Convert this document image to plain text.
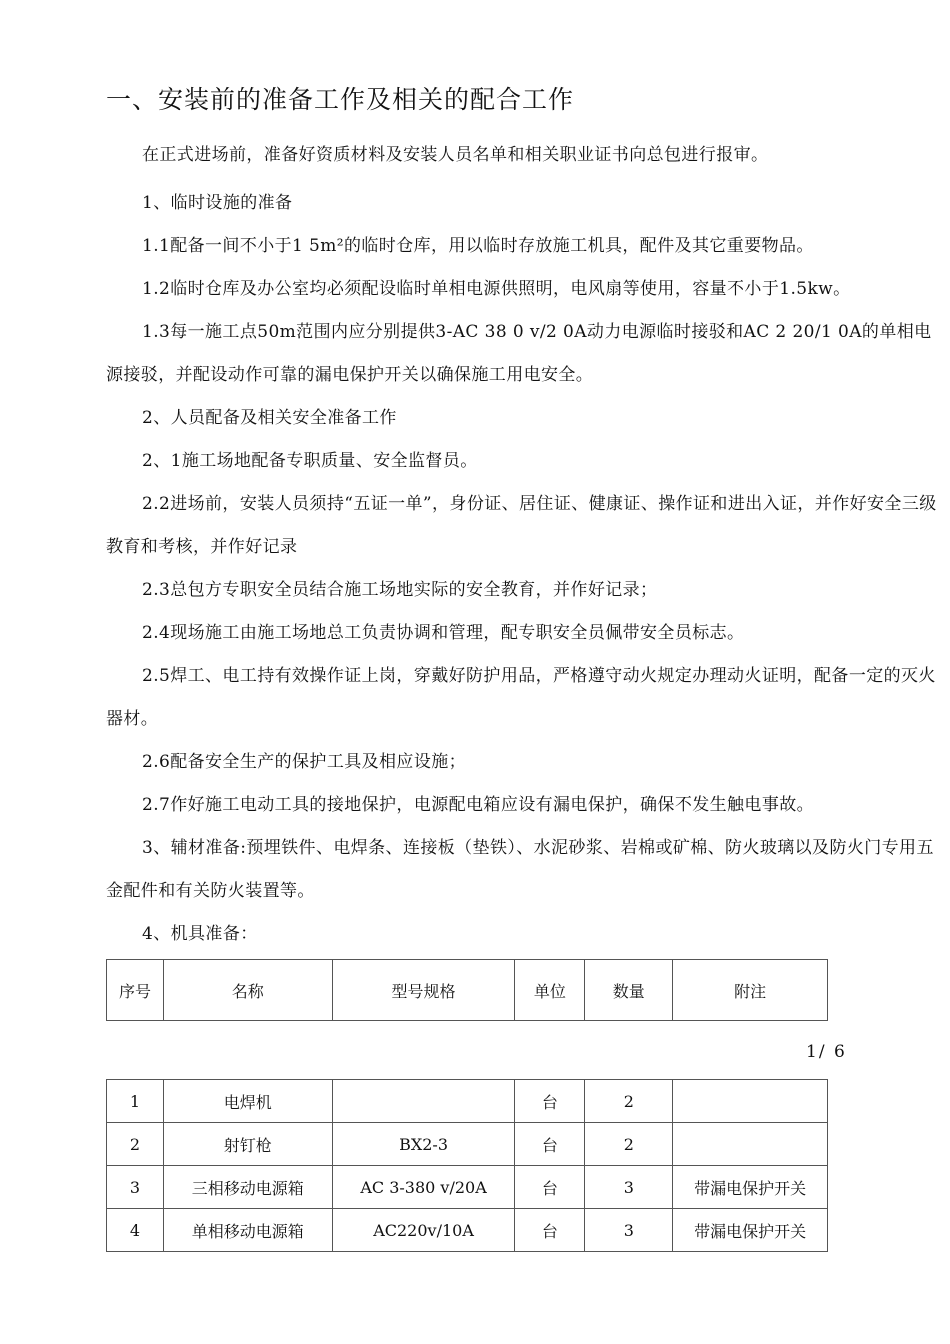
一、安装前的准备工作及相关的配合工作
在正式进场前，准备好资质材料及安装人员名单和相关职业证书向总包进行报审。
1、临时设施的准备
1.1配备一间不小于1 5m²的临时仓库，用以临时存放施工机具，配件及其它重要物品。
1.2临时仓库及办公室均必须配设临时单相电源供照明，电风扇等使用，容量不小于1.5kw。
1.3每一施工点50m范围内应分别提供3-AC 38 0 v/2 0A动力电源临时接驳和AC 2 20/1 0A的单相电源接驳，并配设动作可靠的漏电保护开关以确保施工用电安全。
2、人员配备及相关安全准备工作
2、1施工场地配备专职质量、安全监督员。
2.2进场前，安装人员须持“五证一单”，身份证、居住证、健康证、操作证和进出入证，并作好安全三级教育和考核，并作好记录
2.3总包方专职安全员结合施工场地实际的安全教育，并作好记录；
2.4现场施工由施工场地总工负责协调和管理，配专职安全员佩带安全员标志。
2.5焊工、电工持有效操作证上岗，穿戴好防护用品，严格遵守动火规定办理动火证明，配备一定的灭火器材。
2.6配备安全生产的保护工具及相应设施；
2.7作好施工电动工具的接地保护，电源配电箱应设有漏电保护，确保不发生触电事故。
3、辅材准备:预埋铁件、电焊条、连接板（垫铁）、水泥砂浆、岩棉或矿棉、防火玻璃以及防火门专用五金配件和有关防火装置等。
4、机具准备：
序号	名称	型号规格	单位	数量	附注
1/ 6
1	电焊机		台	2	
2	射钉枪	BX2-3	台	2	
3	三相移动电源箱	AC 3-380 v/20A	台	3	带漏电保护开关
4	单相移动电源箱	AC220v/10A	台	3	带漏电保护开关
